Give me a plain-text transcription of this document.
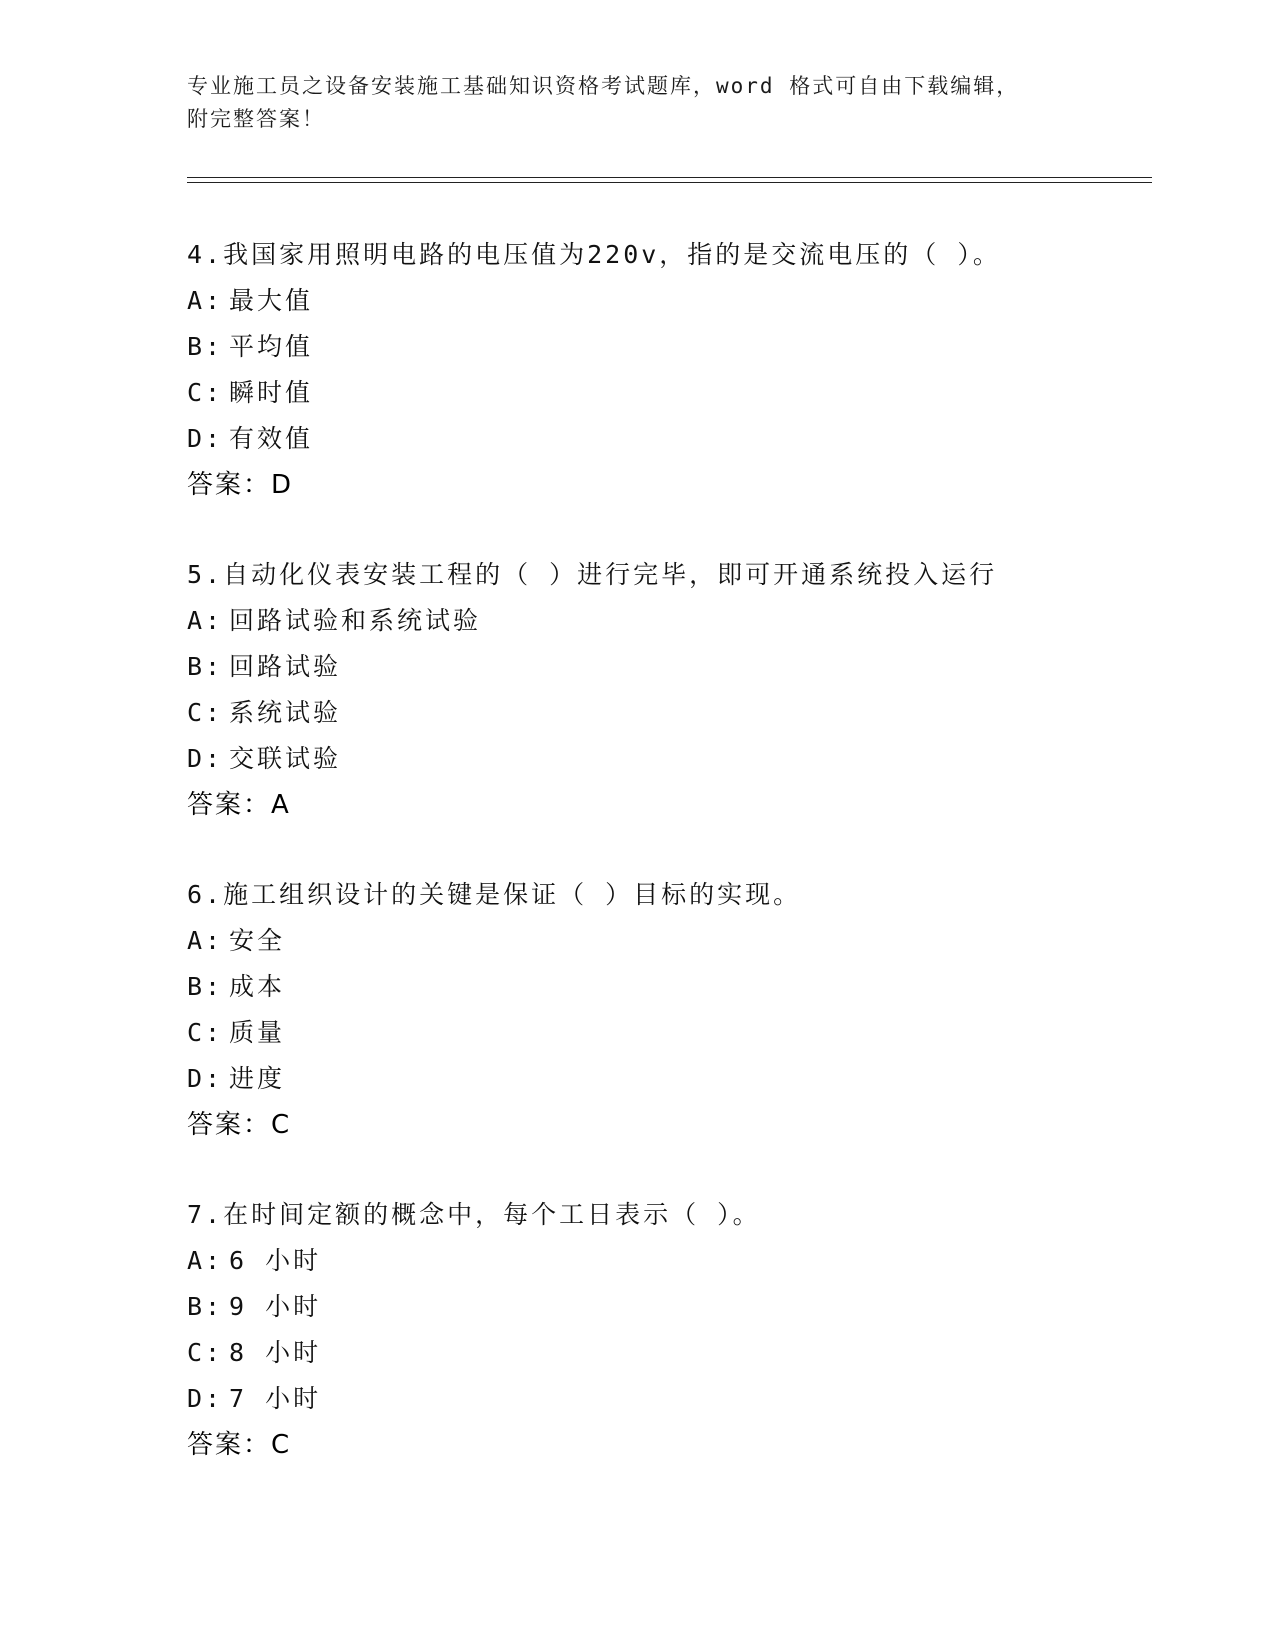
专业施工员之设备安装施工基础知识资格考试题库，word 格式可自由下载编辑，
附完整答案！
4.我国家用照明电路的电压值为220v，指的是交流电压的（ ）。
A: 最大值
B: 平均值
C: 瞬时值
D: 有效值
答案：D
5.自动化仪表安装工程的（ ）进行完毕，即可开通系统投入运行
A: 回路试验和系统试验
B: 回路试验
C: 系统试验
D: 交联试验
答案：A
6.施工组织设计的关键是保证（ ）目标的实现。
A: 安全
B: 成本
C: 质量
D: 进度
答案：C
7.在时间定额的概念中，每个工日表示（ ）。
A: 6 小时
B: 9 小时
C: 8 小时
D: 7 小时
答案：C
